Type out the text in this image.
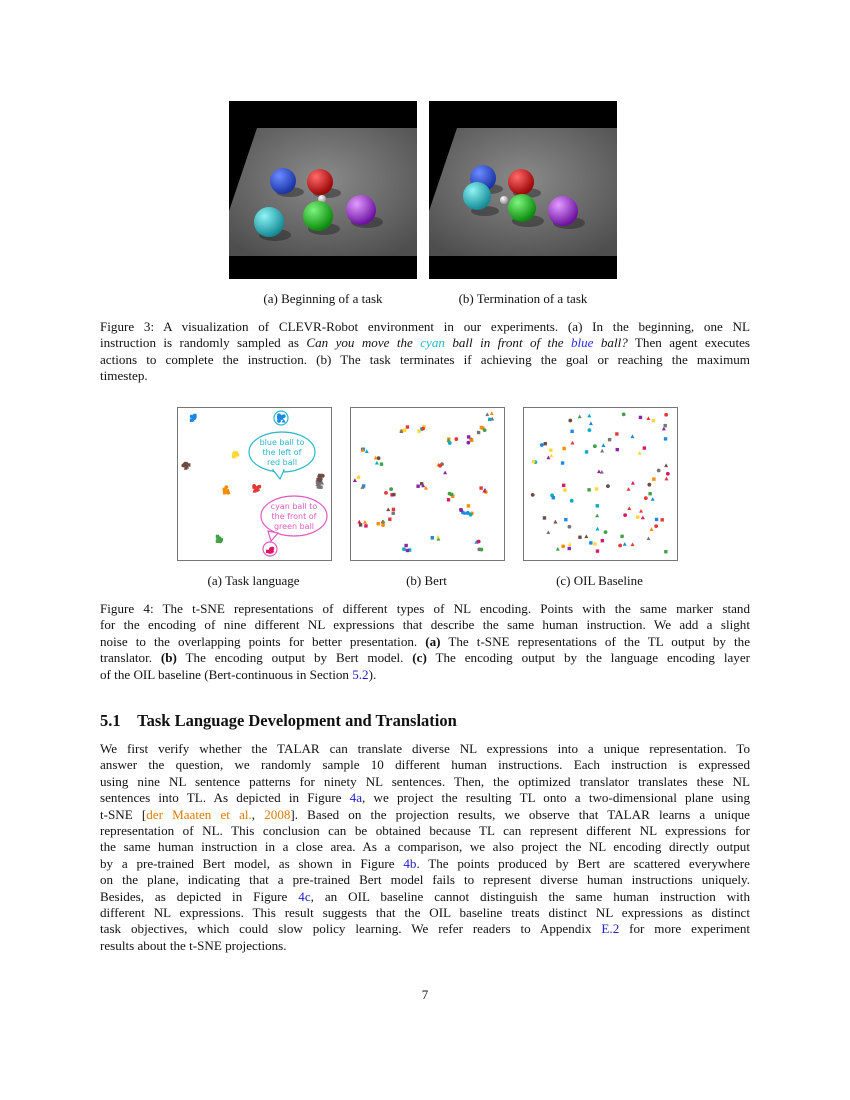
(a) Beginning of a task	(b) Termination of a task
Figure 3: A visualization of CLEVR-Robot environment in our experiments. (a) In the beginning, one NL
instruction is randomly sampled as Can you move the cyan ball in front of the blue ball? Then agent executes
actions to complete the instruction. (b) The task terminates if achieving the goal or reaching the maximum
timestep.
blue ball to
the left of
red ball
cyan ball to
the front of
green ball
(a) Task language	(b) Bert	(c) OIL Baseline
Figure 4: The t-SNE representations of different types of NL encoding. Points with the same marker stand
for the encoding of nine different NL expressions that describe the same human instruction. We add a slight
noise to the overlapping points for better presentation. (a) The t-SNE representations of the TL output by the
translator. (b) The encoding output by Bert model. (c) The encoding output by the language encoding layer
of the OIL baseline (Bert-continuous in Section 5.2).
5.1 Task Language Development and Translation
We first verify whether the TALAR can translate diverse NL expressions into a unique representation. To
answer the question, we randomly sample 10 different human instructions. Each instruction is expressed
using nine NL sentence patterns for ninety NL sentences. Then, the optimized translator translates these NL
sentences into TL. As depicted in Figure 4a, we project the resulting TL onto a two-dimensional plane using
t-SNE [der Maaten et al., 2008]. Based on the projection results, we observe that TALAR learns a unique
representation of NL. This conclusion can be obtained because TL can represent different NL expressions for
the same human instruction in a close area. As a comparison, we also project the NL encoding directly output
by a pre-trained Bert model, as shown in Figure 4b. The points produced by Bert are scattered everywhere
on the plane, indicating that a pre-trained Bert model fails to represent diverse human instructions uniquely.
Besides, as depicted in Figure 4c, an OIL baseline cannot distinguish the same human instruction with
different NL expressions. This result suggests that the OIL baseline treats distinct NL expressions as distinct
task objectives, which could slow policy learning. We refer readers to Appendix E.2 for more experiment
results about the t-SNE projections.
7
